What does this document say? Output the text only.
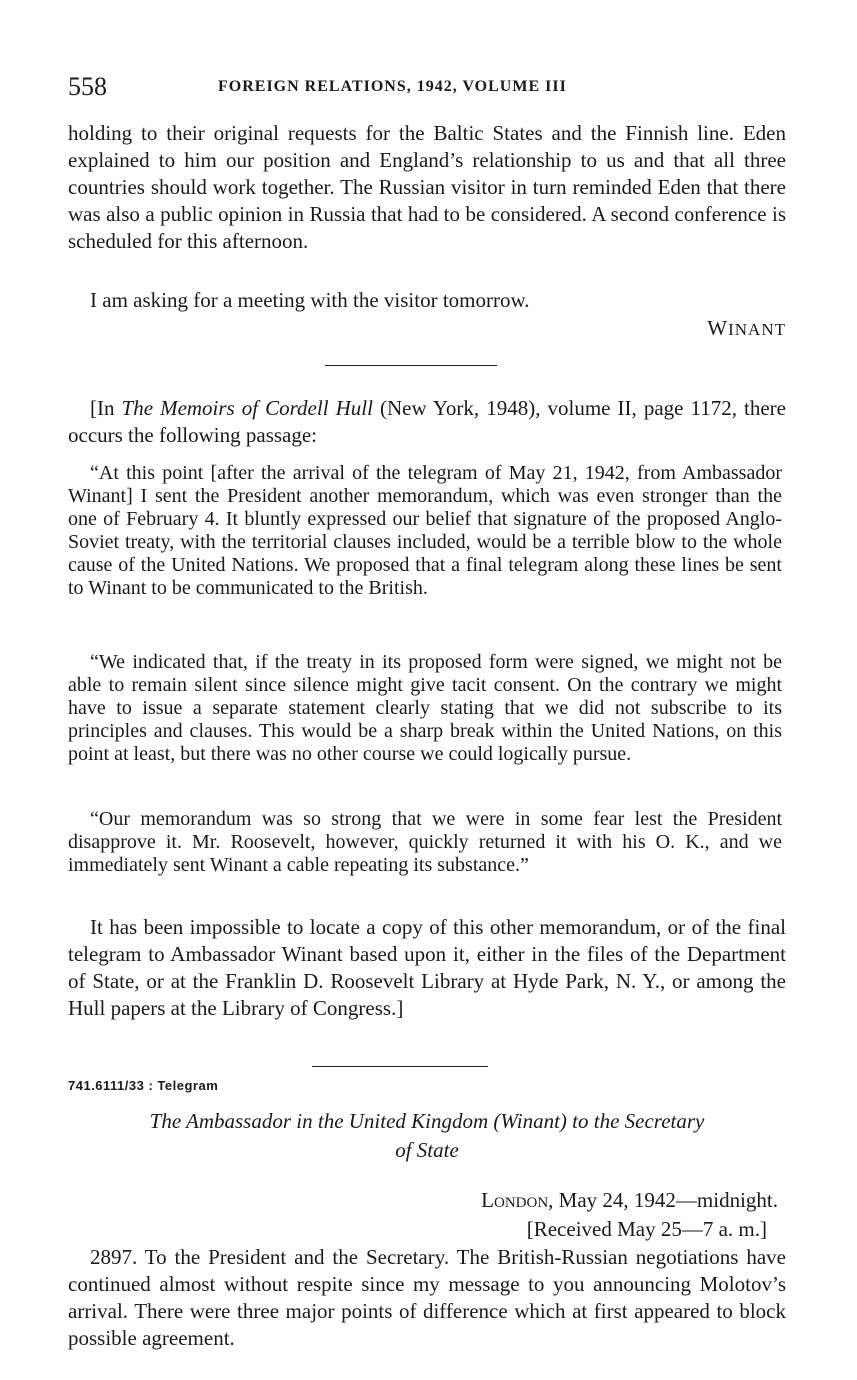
558	FOREIGN RELATIONS, 1942, VOLUME III

holding to their original requests for the Baltic States and the Finnish line. Eden explained to him our position and England’s relationship to us and that all three countries should work together. The Russian visitor in turn reminded Eden that there was also a public opinion in Russia that had to be considered. A second conference is scheduled for this afternoon.

I am asking for a meeting with the visitor tomorrow.

WINANT

[In The Memoirs of Cordell Hull (New York, 1948), volume II, page 1172, there occurs the following passage:

“At this point [after the arrival of the telegram of May 21, 1942, from Ambassador Winant] I sent the President another memorandum, which was even stronger than the one of February 4. It bluntly expressed our belief that signature of the proposed Anglo-Soviet treaty, with the territorial clauses included, would be a terrible blow to the whole cause of the United Nations. We proposed that a final telegram along these lines be sent to Winant to be communicated to the British.

“We indicated that, if the treaty in its proposed form were signed, we might not be able to remain silent since silence might give tacit consent. On the contrary we might have to issue a separate statement clearly stating that we did not subscribe to its principles and clauses. This would be a sharp break within the United Nations, on this point at least, but there was no other course we could logically pursue.

“Our memorandum was so strong that we were in some fear lest the President disapprove it. Mr. Roosevelt, however, quickly returned it with his O. K., and we immediately sent Winant a cable repeating its substance.”

It has been impossible to locate a copy of this other memorandum, or of the final telegram to Ambassador Winant based upon it, either in the files of the Department of State, or at the Franklin D. Roosevelt Library at Hyde Park, N. Y., or among the Hull papers at the Library of Congress.]

741.6111/33 : Telegram
The Ambassador in the United Kingdom (Winant) to the Secretary
of State
London, May 24, 1942—midnight.
[Received May 25—7 a. m.]

2897. To the President and the Secretary. The British-Russian negotiations have continued almost without respite since my message to you announcing Molotov’s arrival. There were three major points of difference which at first appeared to block possible agreement.
